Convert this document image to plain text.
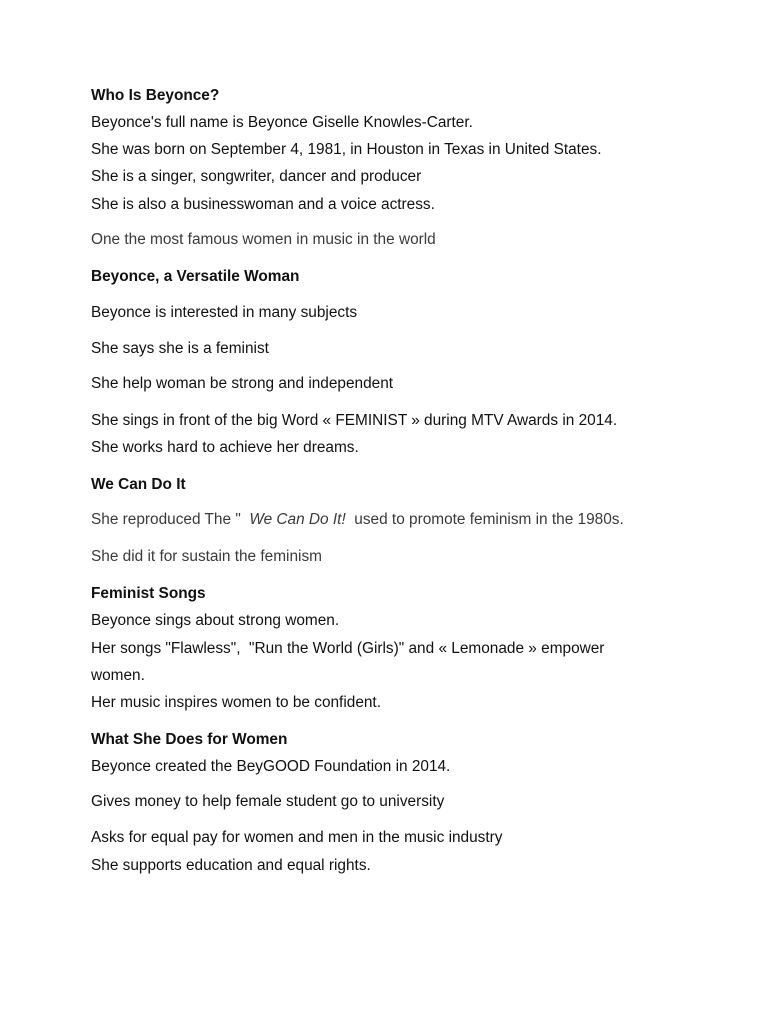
Who Is Beyonce?
Beyonce's full name is Beyonce Giselle Knowles-Carter.
She was born on September 4, 1981, in Houston in Texas in United States.
She is a singer, songwriter, dancer and producer
She is also a businesswoman and a voice actress.
One the most famous women in music in the world
Beyonce, a Versatile Woman
Beyonce is interested in many subjects
She says she is a feminist
She help woman be strong and independent
She sings in front of the big Word « FEMINIST » during MTV Awards in 2014.
She works hard to achieve her dreams.
We Can Do It
She reproduced The "  We Can Do It!  used to promote feminism in the 1980s.
She did it for sustain the feminism
Feminist Songs
Beyonce sings about strong women.
Her songs "Flawless",  "Run the World (Girls)" and « Lemonade » empower
women.
Her music inspires women to be confident.
What She Does for Women
Beyonce created the BeyGOOD Foundation in 2014.
Gives money to help female student go to university
Asks for equal pay for women and men in the music industry
She supports education and equal rights.
